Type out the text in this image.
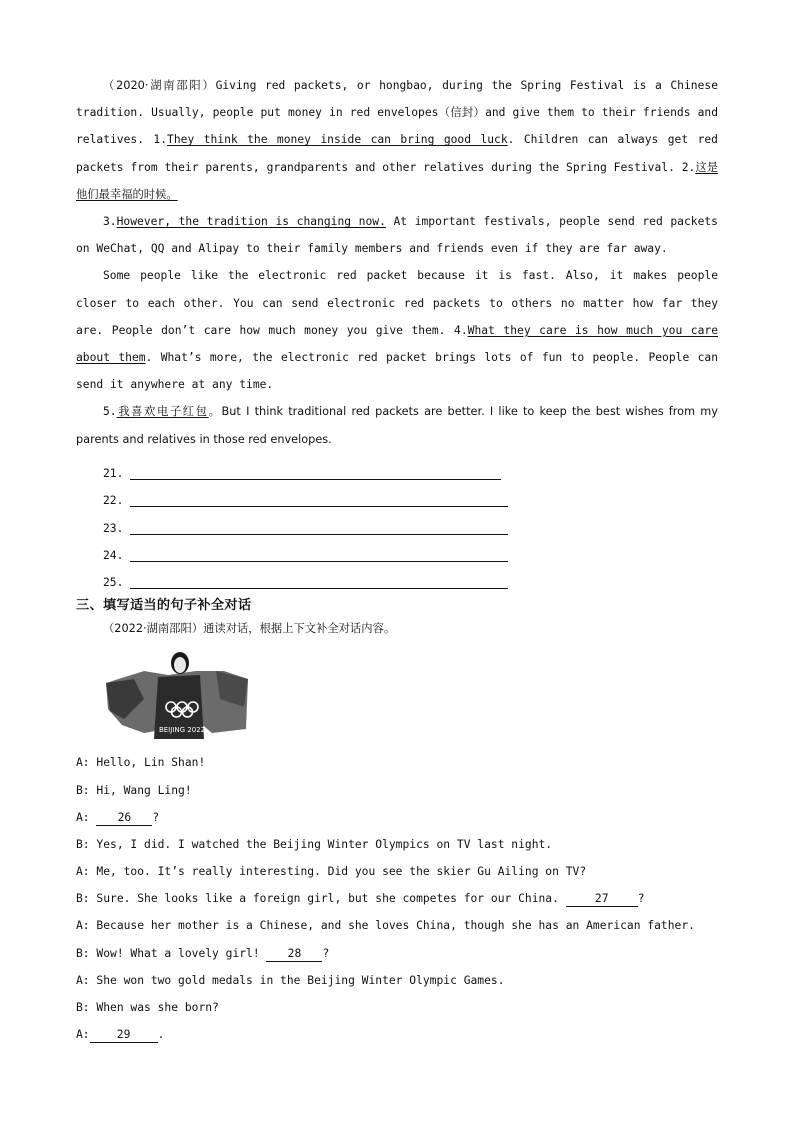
（2020·湖南邵阳）Giving red packets, or hongbao, during the Spring Festival is a Chinese tradition. Usually, people put money in red envelopes（信封）and give them to their friends and relatives. 1.They think the money inside can bring good luck. Children can always get red packets from their parents, grandparents and other relatives during the Spring Festival. 2.这是他们最幸福的时候。

3.However, the tradition is changing now. At important festivals, people send red packets on WeChat, QQ and Alipay to their family members and friends even if they are far away.

Some people like the electronic red packet because it is fast. Also, it makes people closer to each other. You can send electronic red packets to others no matter how far they are. People don’t care how much money you give them. 4.What they care is how much you care about them. What’s more, the electronic red packet brings lots of fun to people. People can send it anywhere at any time.

5.我喜欢电子红包。But I think traditional red packets are better. I like to keep the best wishes from my parents and relatives in those red envelopes.

21.
22.
23.
24.
25.
三、填写适当的句子补全对话
（2022·湖南邵阳）通读对话，根据上下文补全对话内容。
BEIJING 2022
A: Hello, Lin Shan!
B: Hi, Wang Ling!
A: 26 ?
B: Yes, I did. I watched the Beijing Winter Olympics on TV last night.
A: Me, too. It’s really interesting. Did you see the skier Gu Ailing on TV?
B: Sure. She looks like a foreign girl, but she competes for our China.	27	?
A: Because her mother is a Chinese, and she loves China, though she has an American father.
B: Wow! What a lovely girl! 28 ?
A: She won two gold medals in the Beijing Winter Olympic Games.
B: When was she born?
A: 29 .
